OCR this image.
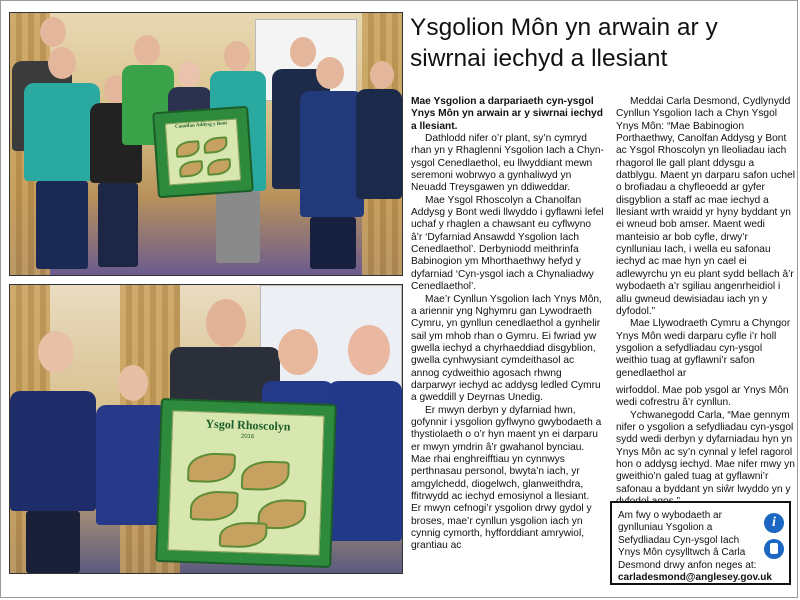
Canolfan Addysg y Bont
Ysgol Rhoscolyn
2016
Ysgolion Môn yn arwain ar y siwrnai iechyd a llesiant

Mae Ysgolion a darpariaeth cyn-ysgol Ynys Môn yn arwain ar y siwrnai iechyd a llesiant.

Dathlodd nifer o’r plant, sy’n cymryd rhan yn y Rhaglenni Ysgolion Iach a Chyn-ysgol Cenedlaethol, eu llwyddiant mewn seremoni wobrwyo a gynhaliwyd yn Neuadd Treysgawen yn ddiweddar.

Mae Ysgol Rhoscolyn a Chanolfan Addysg y Bont wedi llwyddo i gyflawni lefel uchaf y rhaglen a chawsant eu cyflwyno â’r ‘Dyfarniad Ansawdd Ysgolion Iach Cenedlaethol’. Derbyniodd meithrinfa Babinogion ym Mhorthaethwy hefyd y dyfarniad ‘Cyn-ysgol iach a Chynaliadwy Cenedlaethol’.

Mae’r Cynllun Ysgolion Iach Ynys Môn, a ariennir yng Nghymru gan Lywodraeth Cymru, yn gynllun cenedlaethol a gynhelir sail ym mhob rhan o Gymru. Ei fwriad yw gwella iechyd a chyrhaeddiad disgyblion, gwella cynhwysiant cymdeithasol ac annog cydweithio agosach rhwng darparwyr iechyd ac addysg ledled Cymru a gweddill y Deyrnas Unedig.

Er mwyn derbyn y dyfarniad hwn, gofynnir i ysgolion gyflwyno gwybodaeth a thystiolaeth o o’r hyn maent yn ei darparu er mwyn ymdrin â’r gwahanol bynciau. Mae rhai enghreifftiau yn cynnwys perthnasau personol, bwyta’n iach, yr amgylchedd, diogelwch, glanweithdra, ffitrwydd ac iechyd emosiynol a llesiant.

Er mwyn cefnogi’r ysgolion drwy gydol y broses, mae’r cynllun ysgolion iach yn cynnig cymorth, hyfforddiant amrywiol, grantiau ac

Meddai Carla Desmond, Cydlynydd Cynllun Ysgolion Iach a Chyn Ysgol Ynys Môn: “Mae Babinogion Porthaethwy, Canolfan Addysg y Bont ac Ysgol Rhoscolyn yn lleoliadau iach rhagorol lle gall plant ddysgu a datblygu. Maent yn darparu safon uchel o brofiadau a chyfleoedd ar gyfer disgyblion a staff ac mae iechyd a llesiant wrth wraidd yr hyny byddant yn ei wneud bob amser. Maent wedi manteisio ar bob cyfle, drwy’r cynlluniau Iach, i wella eu safonau iechyd ac mae hyn yn cael ei adlewyrchu yn eu plant sydd bellach â’r wybodaeth a’r sgiliau angenrheidiol i allu gwneud dewisiadau iach yn y dyfodol.”

Mae Llywodraeth Cymru a Chyngor Ynys Môn wedi darparu cyfle i’r holl ysgolion a sefydliadau cyn-ysgol weithio tuag at gyflawni’r safon genedlaethol ar

wirfoddol. Mae pob ysgol ar Ynys Môn wedi cofrestru â’r cynllun.

Ychwanegodd Carla, “Mae gennym nifer o ysgolion a sefydliadau cyn-ysgol sydd wedi derbyn y dyfarniadau hyn yn Ynys Môn ac sy’n cynnal y lefel ragorol hon o addysg iechyd. Mae nifer mwy yn gweithio’n galed tuag at gyflawni’r safonau a byddant yn siŵr lwyddo yn y

Am fwy o wybodaeth ar gynlluniau Ysgolion a Sefydliadau Cyn-ysgol Iach Ynys Môn cysylltwch â Carla Desmond drwy anfon neges at:
carladesmond@anglesey.gov.uk
i
